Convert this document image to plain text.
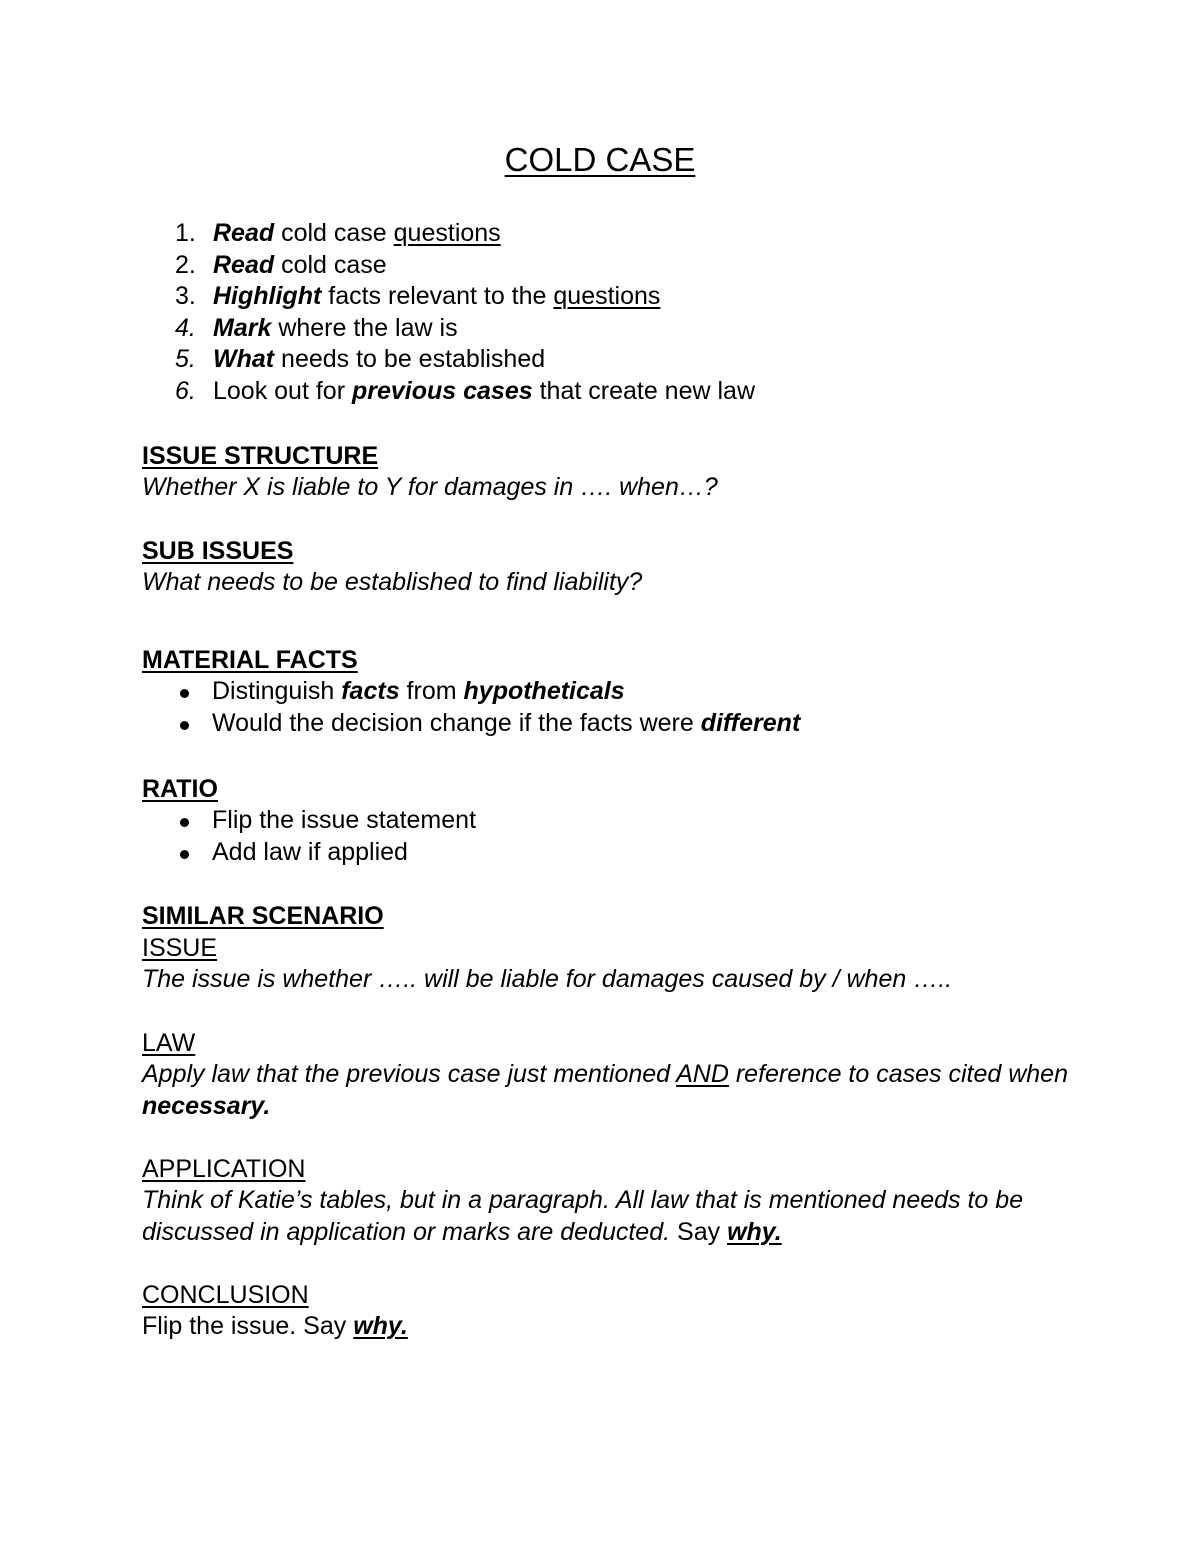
COLD CASE
1. Read cold case questions
2. Read cold case
3. Highlight facts relevant to the questions
4. Mark where the law is
5. What needs to be established
6. Look out for previous cases that create new law
ISSUE STRUCTURE
Whether X is liable to Y for damages in …. when…?
SUB ISSUES
What needs to be established to find liability?
MATERIAL FACTS
Distinguish facts from hypotheticals
Would the decision change if the facts were different
RATIO
Flip the issue statement
Add law if applied
SIMILAR SCENARIO
ISSUE
The issue is whether ….. will be liable for damages caused by / when …..
LAW
Apply law that the previous case just mentioned AND reference to cases cited when necessary.
APPLICATION
Think of Katie’s tables, but in a paragraph. All law that is mentioned needs to be discussed in application or marks are deducted. Say why.
CONCLUSION
Flip the issue. Say why.
